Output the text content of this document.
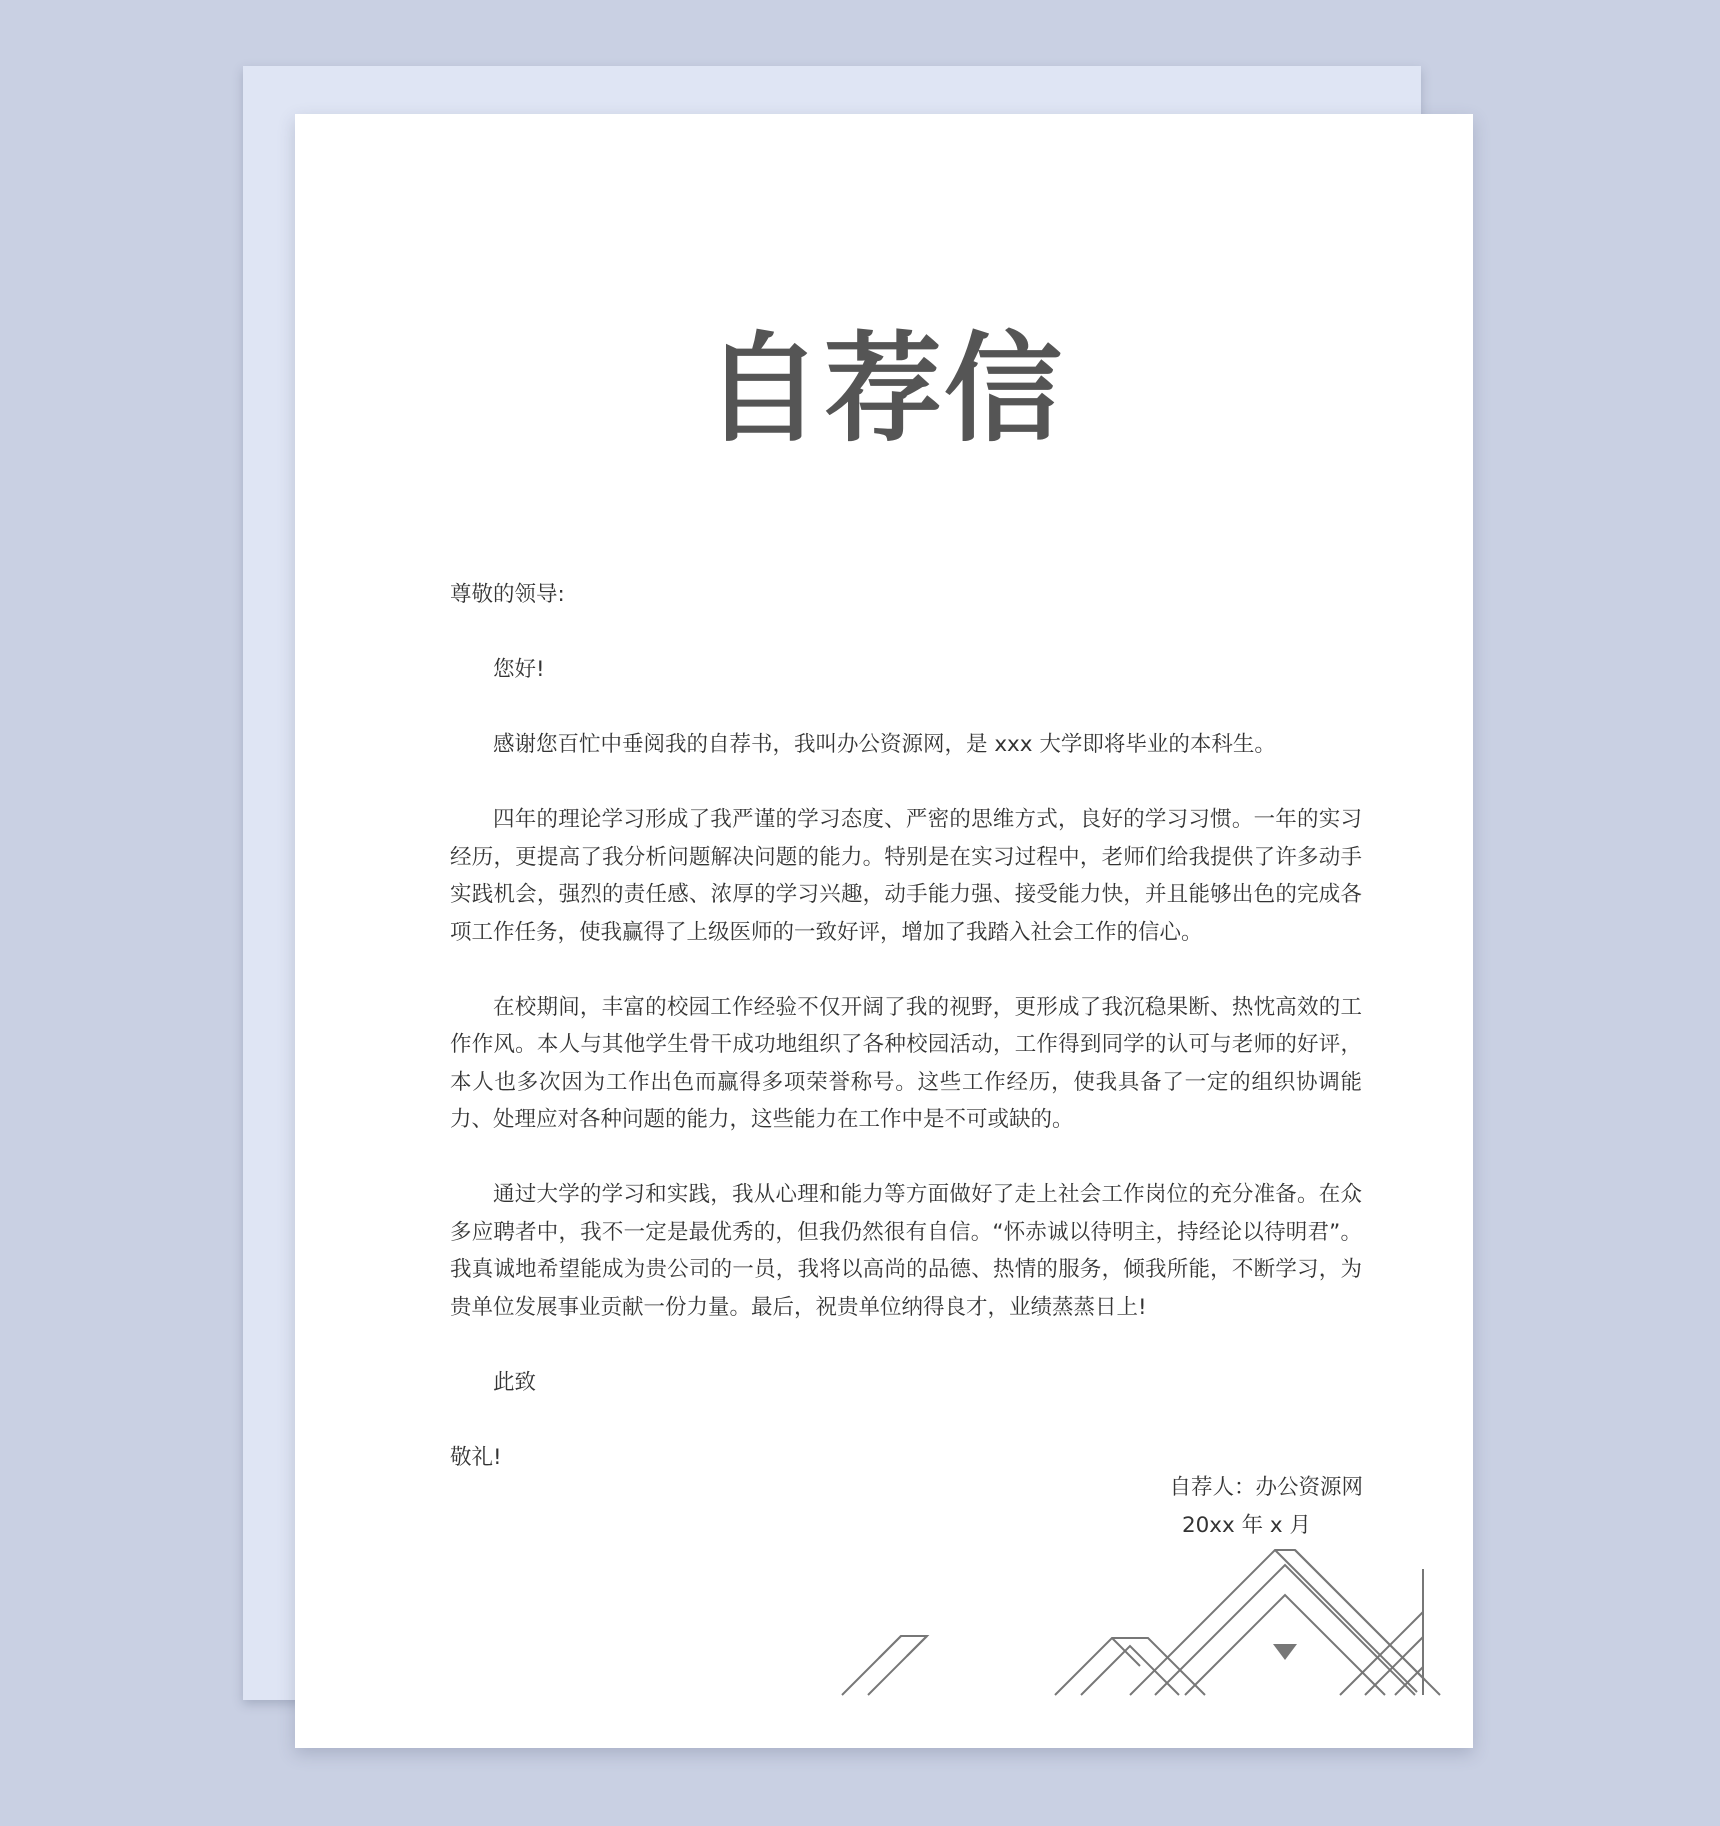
自荐信

尊敬的领导:

您好!

感谢您百忙中垂阅我的自荐书，我叫办公资源网，是 xxx 大学即将毕业的本科生。

四年的理论学习形成了我严谨的学习态度、严密的思维方式，良好的学习习惯。一年的实习经历，更提高了我分析问题解决问题的能力。特别是在实习过程中，老师们给我提供了许多动手实践机会，强烈的责任感、浓厚的学习兴趣，动手能力强、接受能力快，并且能够出色的完成各项工作任务，使我赢得了上级医师的一致好评，增加了我踏入社会工作的信心。

在校期间，丰富的校园工作经验不仅开阔了我的视野，更形成了我沉稳果断、热忱高效的工作作风。本人与其他学生骨干成功地组织了各种校园活动，工作得到同学的认可与老师的好评，本人也多次因为工作出色而赢得多项荣誉称号。这些工作经历，使我具备了一定的组织协调能力、处理应对各种问题的能力，这些能力在工作中是不可或缺的。

通过大学的学习和实践，我从心理和能力等方面做好了走上社会工作岗位的充分准备。在众多应聘者中，我不一定是最优秀的，但我仍然很有自信。“怀赤诚以待明主，持经论以待明君”。我真诚地希望能成为贵公司的一员，我将以高尚的品德、热情的服务，倾我所能，不断学习，为贵单位发展事业贡献一份力量。最后，祝贵单位纳得良才，业绩蒸蒸日上!

此致

敬礼!

自荐人：办公资源网
20xx 年 x 月
